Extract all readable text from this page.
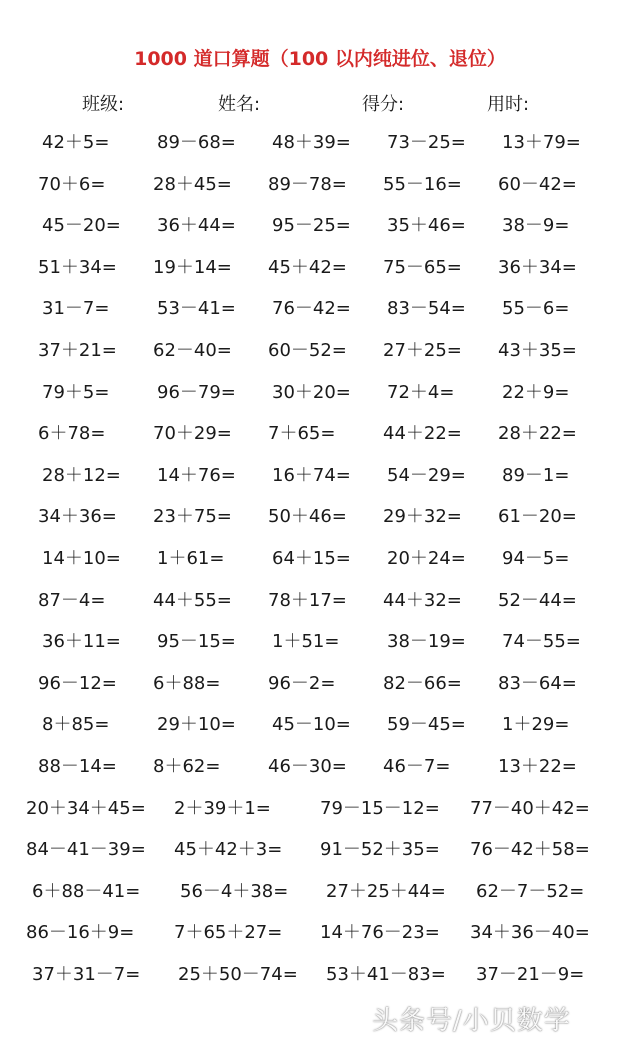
1000 道口算题（100 以内纯进位、退位）
班级:	姓名:	得分:	用时:
42＋5=	89－68= 48＋39= 73－25= 13＋79=
70＋6=	28＋45= 89－78= 55－16= 60－42=
45－20= 36＋44= 95－25= 35＋46= 38－9=
51＋34= 19＋14= 45＋42= 75－65= 36＋34=
31－7=	53－41= 76－42= 83－54= 55－6=
37＋21= 62－40= 60－52= 27＋25= 43＋35=
79＋5=	96－79= 30＋20= 72＋4=	22＋9=
6＋78=	70＋29= 7＋65=	44＋22= 28＋22=
28＋12= 14＋76= 16＋74= 54－29= 89－1=
34＋36= 23＋75= 50＋46= 29＋32= 61－20=
14＋10= 1＋61=	64＋15= 20＋24= 94－5=
87－4=	44＋55= 78＋17= 44＋32= 52－44=
36＋11= 95－15= 1＋51=	38－19= 74－55=
96－12= 6＋88=	96－2=	82－66= 83－64=
8＋85=	29＋10= 45－10= 59－45= 1＋29=
88－14= 8＋62=	46－30= 46－7=	13＋22=
20＋34＋45= 2＋39＋1=	79－15－12= 77－40＋42=
84－41－39= 45＋42＋3= 91－52＋35= 76－42＋58=
6＋88－41= 56－4＋38= 27＋25＋44= 62－7－52=
86－16＋9= 7＋65＋27= 14＋76－23= 34＋36－40=
37＋31－7= 25＋50－74= 53＋41－83= 37－21－9=
头条号/小贝数学
